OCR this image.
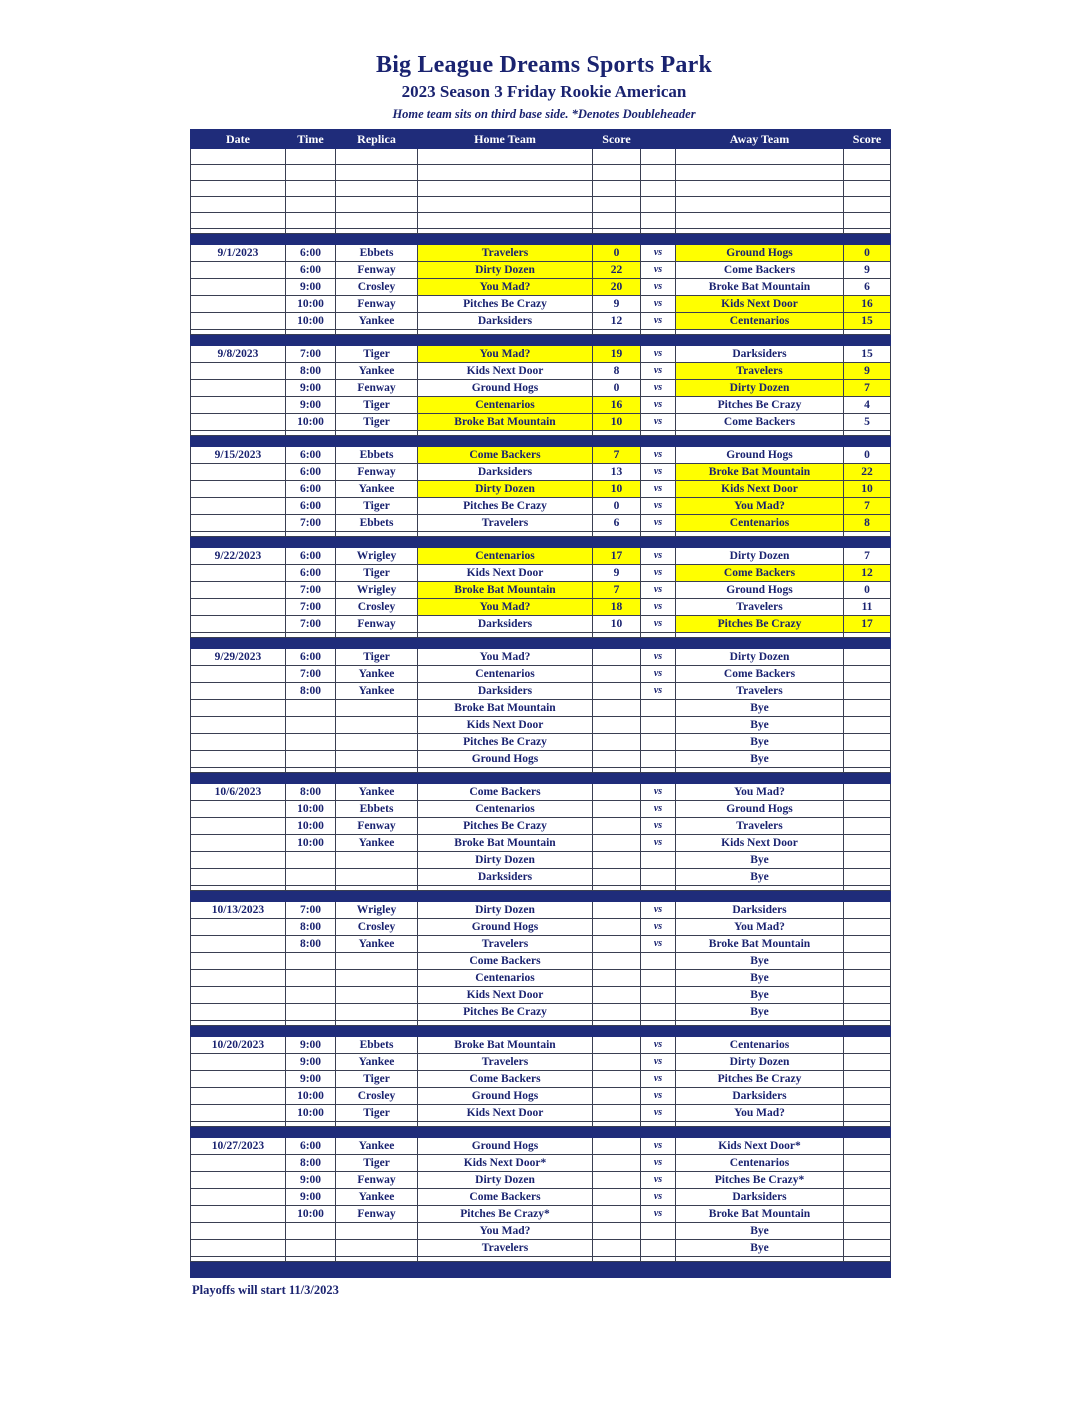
Big League Dreams Sports Park
2023 Season 3 Friday Rookie American
Home team sits on third base side. *Denotes Doubleheader
Date	Time	Replica	Home Team	Score		Away Team	Score

9/1/2023	6:00	Ebbets	Travelers	0	vs	Ground Hogs	0
	6:00	Fenway	Dirty Dozen	22	vs	Come Backers	9
	9:00	Crosley	You Mad?	20	vs	Broke Bat Mountain	6
	10:00	Fenway	Pitches Be Crazy	9	vs	Kids Next Door	16
	10:00	Yankee	Darksiders	12	vs	Centenarios	15

9/8/2023	7:00	Tiger	You Mad?	19	vs	Darksiders	15
	8:00	Yankee	Kids Next Door	8	vs	Travelers	9
	9:00	Fenway	Ground Hogs	0	vs	Dirty Dozen	7
	9:00	Tiger	Centenarios	16	vs	Pitches Be Crazy	4
	10:00	Tiger	Broke Bat Mountain	10	vs	Come Backers	5

9/15/2023	6:00	Ebbets	Come Backers	7	vs	Ground Hogs	0
	6:00	Fenway	Darksiders	13	vs	Broke Bat Mountain	22
	6:00	Yankee	Dirty Dozen	10	vs	Kids Next Door	10
	6:00	Tiger	Pitches Be Crazy	0	vs	You Mad?	7
	7:00	Ebbets	Travelers	6	vs	Centenarios	8

9/22/2023	6:00	Wrigley	Centenarios	17	vs	Dirty Dozen	7
	6:00	Tiger	Kids Next Door	9	vs	Come Backers	12
	7:00	Wrigley	Broke Bat Mountain	7	vs	Ground Hogs	0
	7:00	Crosley	You Mad?	18	vs	Travelers	11
	7:00	Fenway	Darksiders	10	vs	Pitches Be Crazy	17

9/29/2023	6:00	Tiger	You Mad?		vs	Dirty Dozen	
	7:00	Yankee	Centenarios		vs	Come Backers	
	8:00	Yankee	Darksiders		vs	Travelers	
			Broke Bat Mountain			Bye	
			Kids Next Door			Bye	
			Pitches Be Crazy			Bye	
			Ground Hogs			Bye	

10/6/2023	8:00	Yankee	Come Backers		vs	You Mad?	
	10:00	Ebbets	Centenarios		vs	Ground Hogs	
	10:00	Fenway	Pitches Be Crazy		vs	Travelers	
	10:00	Yankee	Broke Bat Mountain		vs	Kids Next Door	
			Dirty Dozen			Bye	
			Darksiders			Bye	

10/13/2023	7:00	Wrigley	Dirty Dozen		vs	Darksiders	
	8:00	Crosley	Ground Hogs		vs	You Mad?	
	8:00	Yankee	Travelers		vs	Broke Bat Mountain	
			Come Backers			Bye	
			Centenarios			Bye	
			Kids Next Door			Bye	
			Pitches Be Crazy			Bye	

10/20/2023	9:00	Ebbets	Broke Bat Mountain		vs	Centenarios	
	9:00	Yankee	Travelers		vs	Dirty Dozen	
	9:00	Tiger	Come Backers		vs	Pitches Be Crazy	
	10:00	Crosley	Ground Hogs		vs	Darksiders	
	10:00	Tiger	Kids Next Door		vs	You Mad?	

10/27/2023	6:00	Yankee	Ground Hogs		vs	Kids Next Door*	
	8:00	Tiger	Kids Next Door*		vs	Centenarios	
	9:00	Fenway	Dirty Dozen		vs	Pitches Be Crazy*	
	9:00	Yankee	Come Backers		vs	Darksiders	
	10:00	Fenway	Pitches Be Crazy*		vs	Broke Bat Mountain	
			You Mad?			Bye	
			Travelers			Bye	

Playoffs will start 11/3/2023
